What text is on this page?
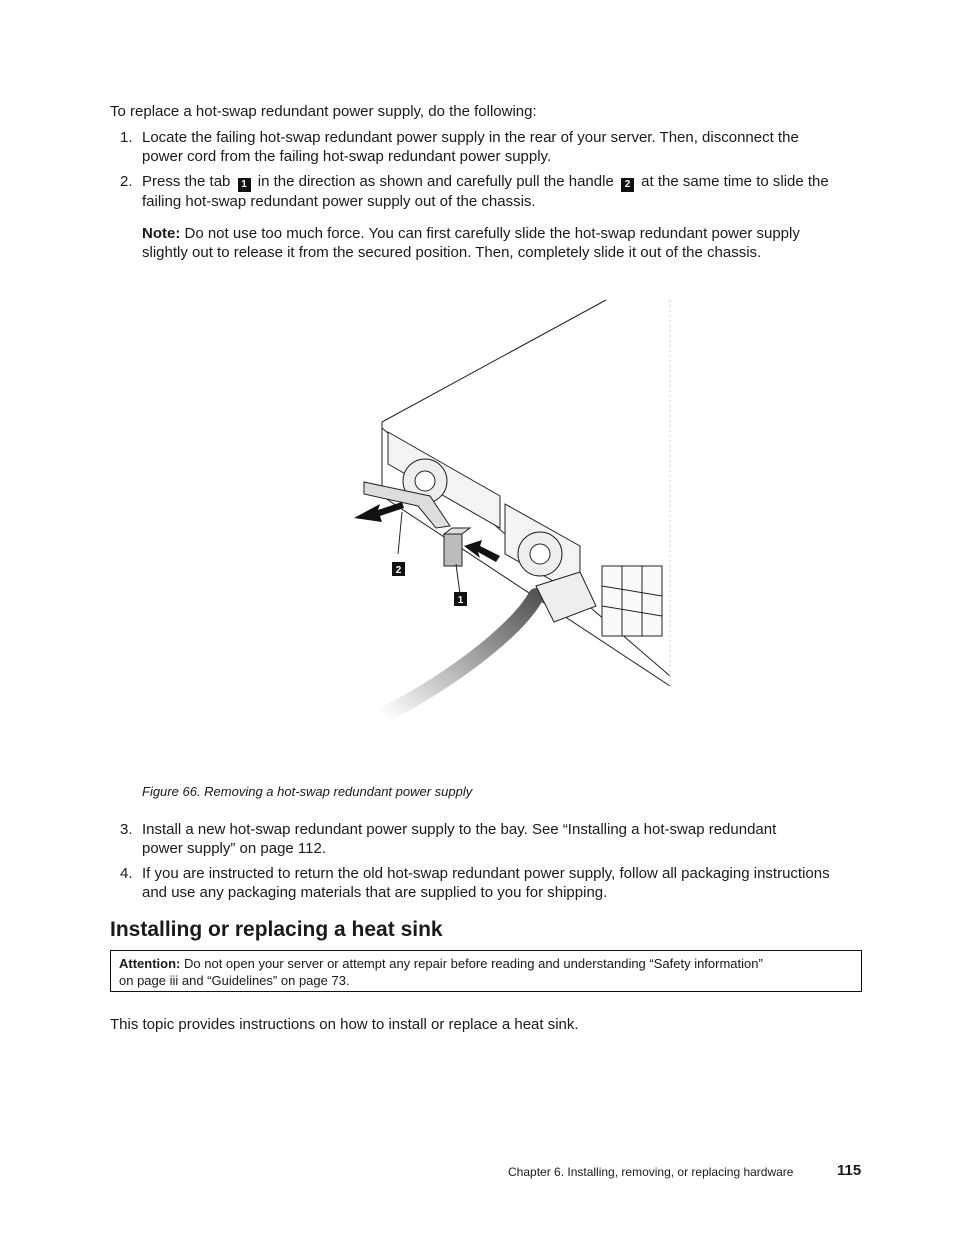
To replace a hot-swap redundant power supply, do the following:
1. Locate the failing hot-swap redundant power supply in the rear of your server. Then, disconnect the
power cord from the failing hot-swap redundant power supply.
2. Press the tab 1 in the direction as shown and carefully pull the handle 2 at the same time to slide the
failing hot-swap redundant power supply out of the chassis.
Note: Do not use too much force. You can first carefully slide the hot-swap redundant power supply
slightly out to release it from the secured position. Then, completely slide it out of the chassis.
2
1
Figure 66. Removing a hot-swap redundant power supply
3. Install a new hot-swap redundant power supply to the bay. See “Installing a hot-swap redundant
power supply” on page 112.
4. If you are instructed to return the old hot-swap redundant power supply, follow all packaging instructions
and use any packaging materials that are supplied to you for shipping.
Installing or replacing a heat sink
Attention: Do not open your server or attempt any repair before reading and understanding “Safety information”
on page iii and “Guidelines” on page 73.
This topic provides instructions on how to install or replace a heat sink.
Chapter 6. Installing, removing, or replacing hardware	115
